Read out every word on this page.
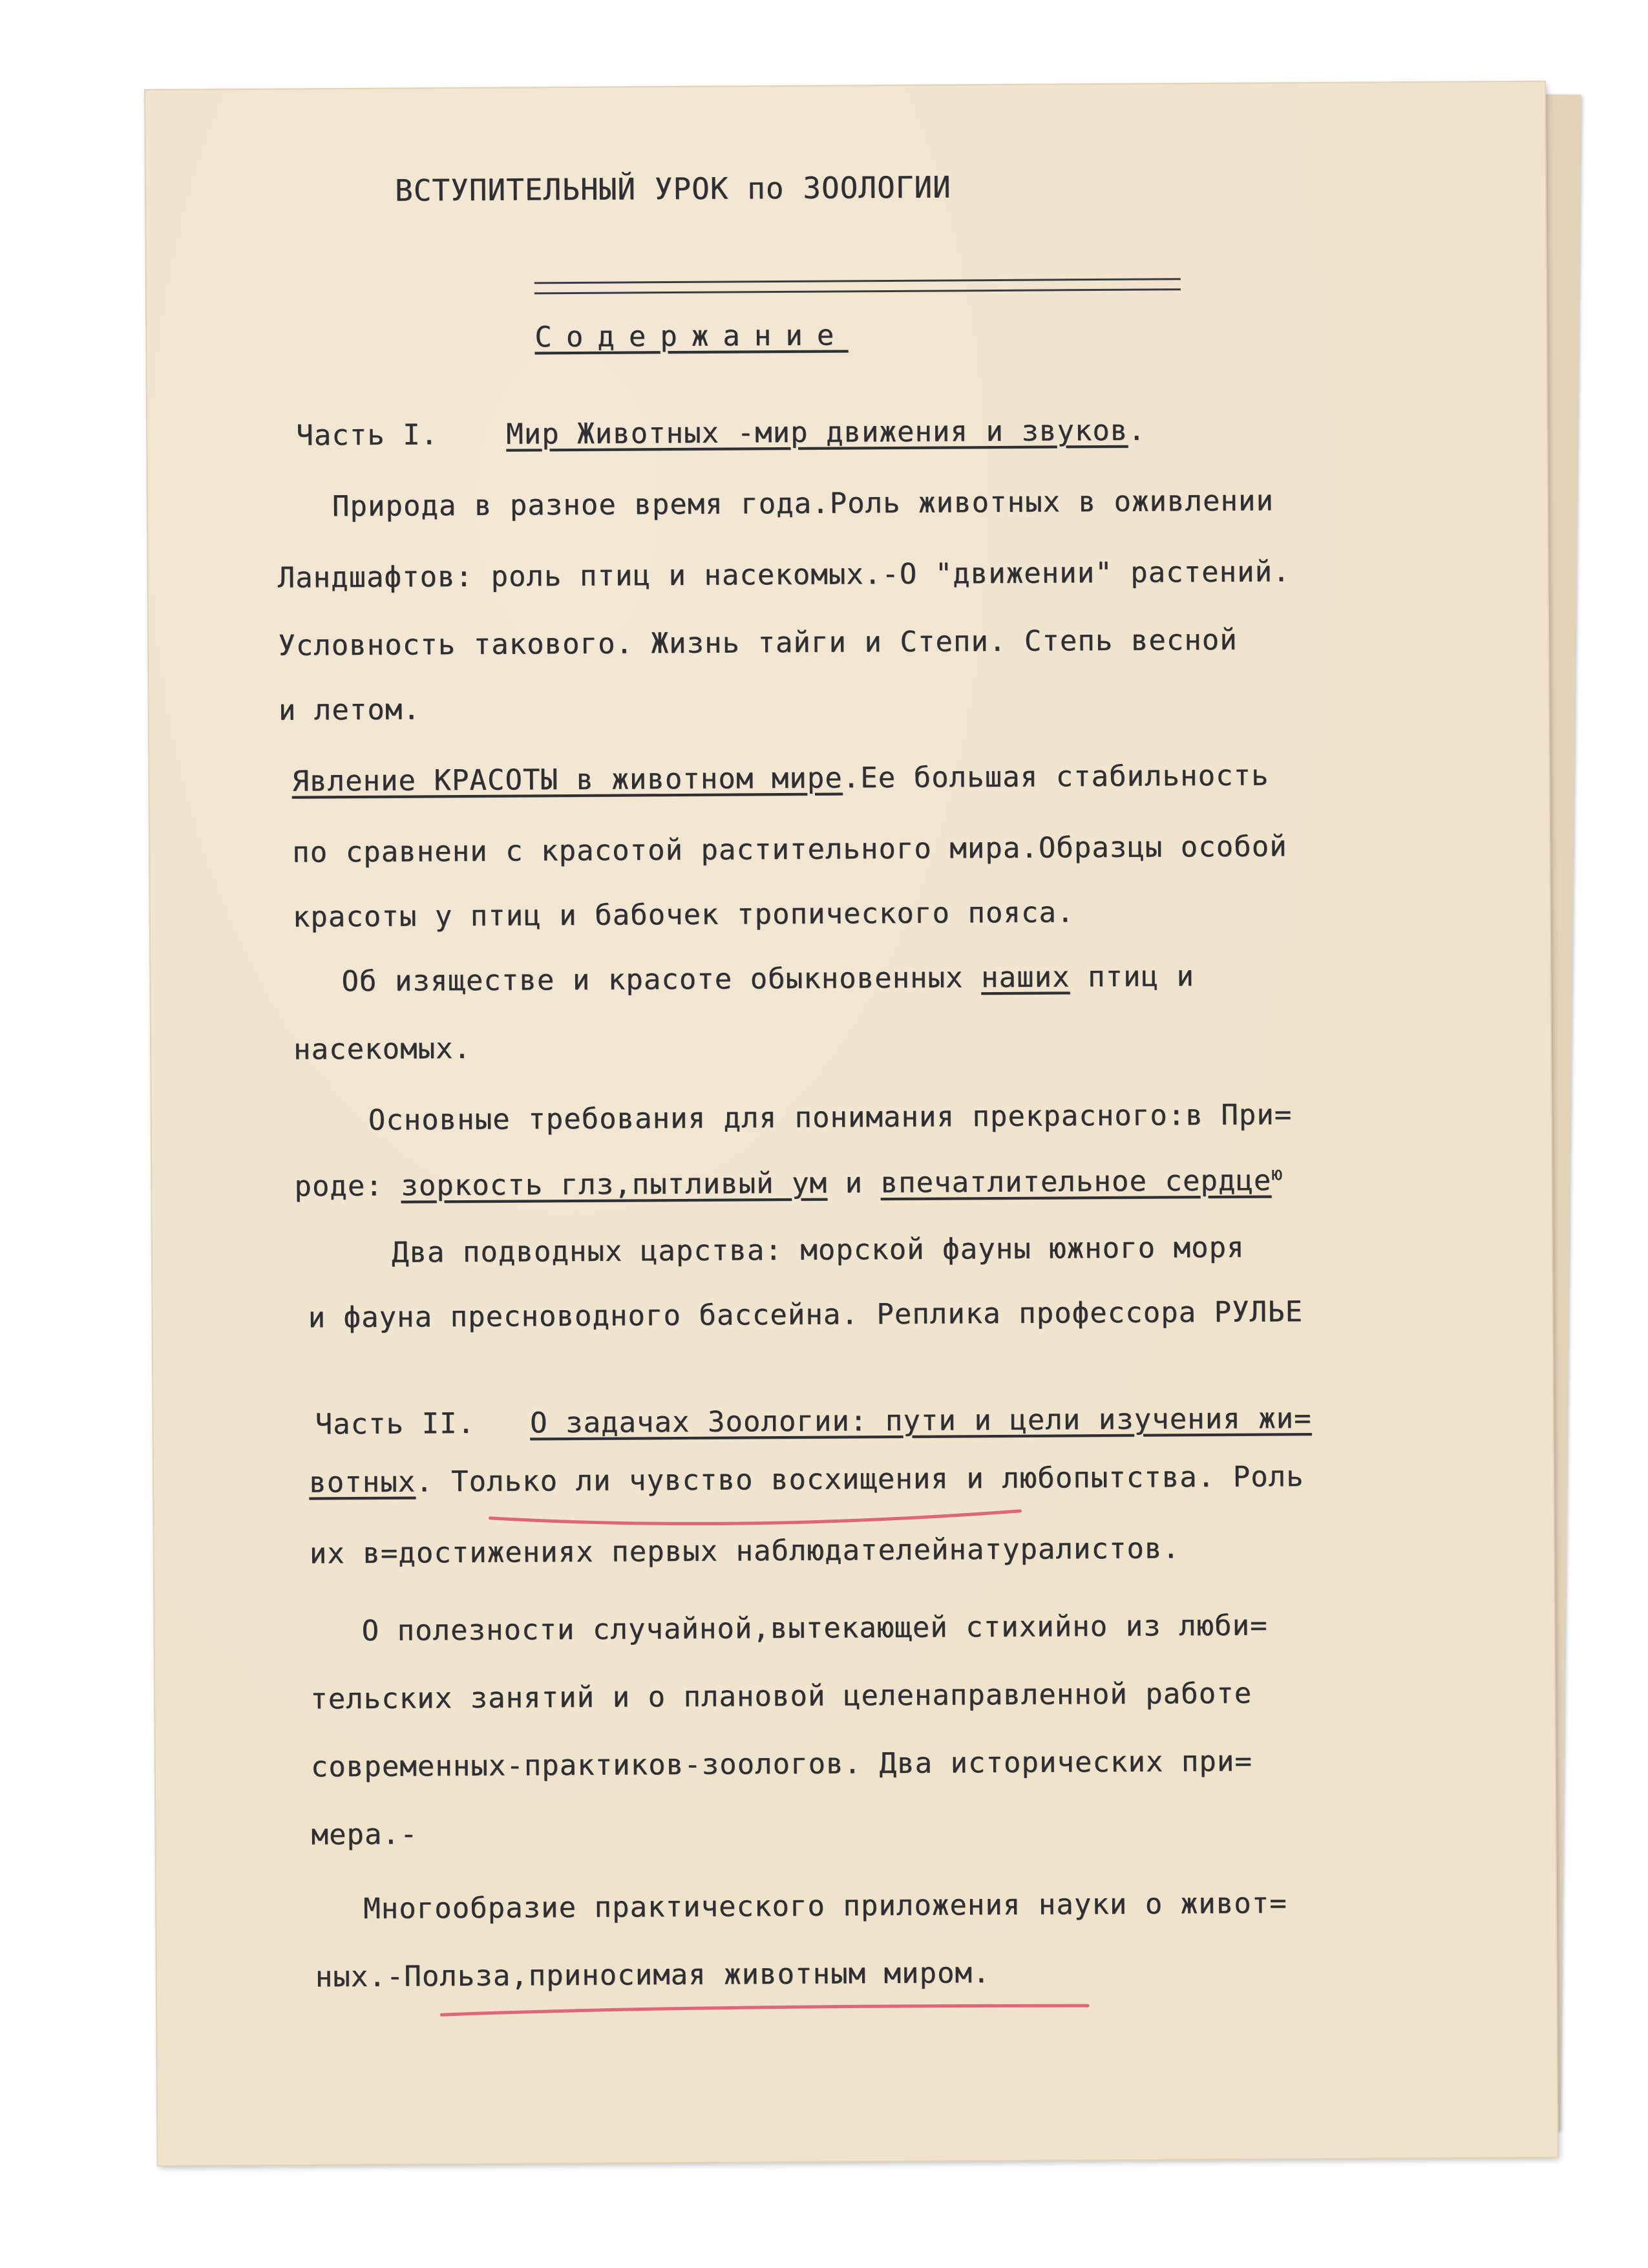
ВСТУПИТЕЛЬНЫЙ УРОК по ЗООЛОГИИ
Содержание
Часть I. Мир Животных -мир движения и звуков.
Природа в разное время года.Роль животных в оживлении
Ландшафтов: роль птиц и насекомых.-О "движении" растений.
Условность такового. Жизнь тайги и Степи. Степь весной
и летом.
Явление КРАСОТЫ в животном мире.Ее большая стабильность
по сравнени с красотой растительного мира.Образцы особой
красоты у птиц и бабочек тропического пояса.
Об изяществе и красоте обыкновенных наших птиц и
насекомых.
Основные требования для понимания прекрасного:в При=
роде: зоркость глз,пытливый ум и впечатлительное сердце$^ю$
Два подводных царства: морской фауны южного моря
и фауна пресноводного бассейна. Реплика профессора РУЛЬЕ
Часть II. О задачах Зоологии: пути и цели изучения жи=
вотных. Только ли чувство восхищения и любопытства. Роль
их в=достижениях первых наблюдателейнатуралистов.
О полезности случайной,вытекающей стихийно из люби=
тельских занятий и о плановой целенаправленной работе
современных-практиков-зоологов. Два исторических при=
мера.-
Многообразие практического приложения науки о живот=
ных.-Польза,приносимая животным миром.
